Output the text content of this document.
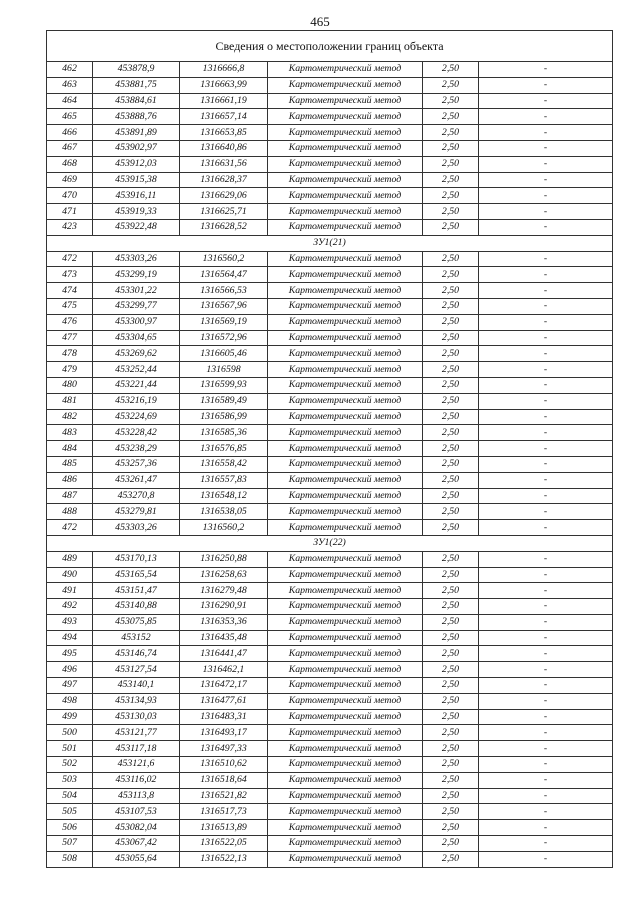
465
Сведения о местоположении границ объекта					
462	453878,9	1316666,8	Картометрический метод	2,50	-
463	453881,75	1316663,99	Картометрический метод	2,50	-
464	453884,61	1316661,19	Картометрический метод	2,50	-
465	453888,76	1316657,14	Картометрический метод	2,50	-
466	453891,89	1316653,85	Картометрический метод	2,50	-
467	453902,97	1316640,86	Картометрический метод	2,50	-
468	453912,03	1316631,56	Картометрический метод	2,50	-
469	453915,38	1316628,37	Картометрический метод	2,50	-
470	453916,11	1316629,06	Картометрический метод	2,50	-
471	453919,33	1316625,71	Картометрический метод	2,50	-
423	453922,48	1316628,52	Картометрический метод	2,50	-
ЗУ1(21)					
472	453303,26	1316560,2	Картометрический метод	2,50	-
473	453299,19	1316564,47	Картометрический метод	2,50	-
474	453301,22	1316566,53	Картометрический метод	2,50	-
475	453299,77	1316567,96	Картометрический метод	2,50	-
476	453300,97	1316569,19	Картометрический метод	2,50	-
477	453304,65	1316572,96	Картометрический метод	2,50	-
478	453269,62	1316605,46	Картометрический метод	2,50	-
479	453252,44	1316598	Картометрический метод	2,50	-
480	453221,44	1316599,93	Картометрический метод	2,50	-
481	453216,19	1316589,49	Картометрический метод	2,50	-
482	453224,69	1316586,99	Картометрический метод	2,50	-
483	453228,42	1316585,36	Картометрический метод	2,50	-
484	453238,29	1316576,85	Картометрический метод	2,50	-
485	453257,36	1316558,42	Картометрический метод	2,50	-
486	453261,47	1316557,83	Картометрический метод	2,50	-
487	453270,8	1316548,12	Картометрический метод	2,50	-
488	453279,81	1316538,05	Картометрический метод	2,50	-
472	453303,26	1316560,2	Картометрический метод	2,50	-
ЗУ1(22)					
489	453170,13	1316250,88	Картометрический метод	2,50	-
490	453165,54	1316258,63	Картометрический метод	2,50	-
491	453151,47	1316279,48	Картометрический метод	2,50	-
492	453140,88	1316290,91	Картометрический метод	2,50	-
493	453075,85	1316353,36	Картометрический метод	2,50	-
494	453152	1316435,48	Картометрический метод	2,50	-
495	453146,74	1316441,47	Картометрический метод	2,50	-
496	453127,54	1316462,1	Картометрический метод	2,50	-
497	453140,1	1316472,17	Картометрический метод	2,50	-
498	453134,93	1316477,61	Картометрический метод	2,50	-
499	453130,03	1316483,31	Картометрический метод	2,50	-
500	453121,77	1316493,17	Картометрический метод	2,50	-
501	453117,18	1316497,33	Картометрический метод	2,50	-
502	453121,6	1316510,62	Картометрический метод	2,50	-
503	453116,02	1316518,64	Картометрический метод	2,50	-
504	453113,8	1316521,82	Картометрический метод	2,50	-
505	453107,53	1316517,73	Картометрический метод	2,50	-
506	453082,04	1316513,89	Картометрический метод	2,50	-
507	453067,42	1316522,05	Картометрический метод	2,50	-
508	453055,64	1316522,13	Картометрический метод	2,50	-
